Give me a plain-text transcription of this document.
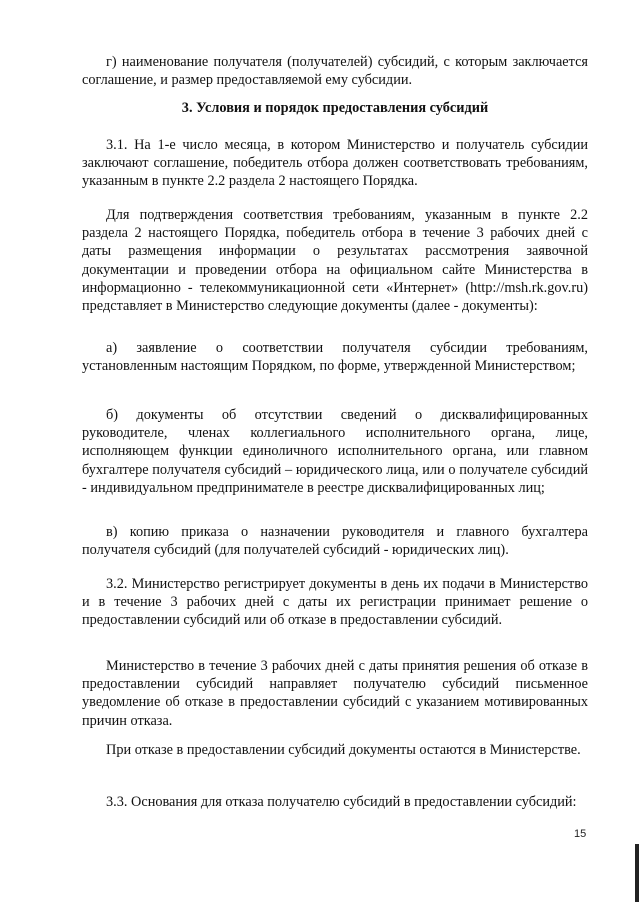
г) наименование получателя (получателей) субсидий, с которым заключается соглашение, и размер предоставляемой ему субсидии.

3. Условия и порядок предоставления субсидий

3.1. На 1-е число месяца, в котором Министерство и получатель субсидии заключают соглашение, победитель отбора должен соответствовать требованиям, указанным в пункте 2.2 раздела 2 настоящего Порядка.

Для подтверждения соответствия требованиям, указанным в пункте 2.2 раздела 2 настоящего Порядка, победитель отбора в течение 3 рабочих дней с даты размещения информации о результатах рассмотрения заявочной документации и проведении отбора на официальном сайте Министерства в информационно - телекоммуникационной сети «Интернет» (http://msh.rk.gov.ru) представляет в Министерство следующие документы (далее - документы):

а) заявление о соответствии получателя субсидии требованиям, установленным настоящим Порядком, по форме, утвержденной Министерством;

б) документы об отсутствии сведений о дисквалифицированных руководителе, членах коллегиального исполнительного органа, лице, исполняющем функции единоличного исполнительного органа, или главном бухгалтере получателя субсидий – юридического лица, или о получателе субсидий - индивидуальном предпринимателе в реестре дисквалифицированных лиц;

в) копию приказа о назначении руководителя и главного бухгалтера получателя субсидий (для получателей субсидий - юридических лиц).

3.2. Министерство регистрирует документы в день их подачи в Министерство и в течение 3 рабочих дней с даты их регистрации принимает решение о предоставлении субсидий или об отказе в предоставлении субсидий.

Министерство в течение 3 рабочих дней с даты принятия решения об отказе в предоставлении субсидий направляет получателю субсидий письменное уведомление об отказе в предоставлении субсидий с указанием мотивированных причин отказа.

При отказе в предоставлении субсидий документы остаются в Министерстве.

3.3. Основания для отказа получателю субсидий в предоставлении субсидий:

15
